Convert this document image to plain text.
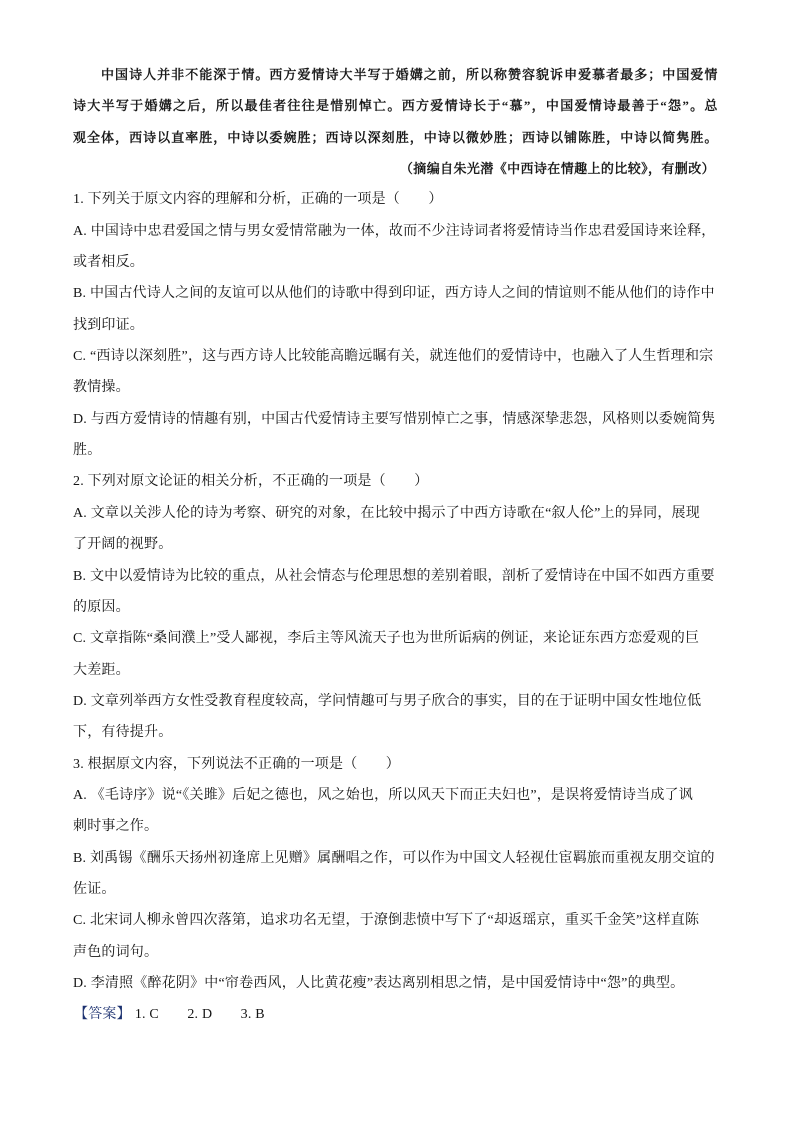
中国诗人并非不能深于情。西方爱情诗大半写于婚媾之前，所以称赞容貌诉申爱慕者最多；中国爱情
诗大半写于婚媾之后，所以最佳者往往是惜别悼亡。西方爱情诗长于“慕”，中国爱情诗最善于“怨”。总
观全体，西诗以直率胜，中诗以委婉胜；西诗以深刻胜，中诗以微妙胜；西诗以铺陈胜，中诗以简隽胜。
（摘编自朱光潜《中西诗在情趣上的比较》，有删改）
1. 下列关于原文内容的理解和分析，正确的一项是（　　）
A. 中国诗中忠君爱国之情与男女爱情常融为一体，故而不少注诗词者将爱情诗当作忠君爱国诗来诠释，
或者相反。
B. 中国古代诗人之间的友谊可以从他们的诗歌中得到印证，西方诗人之间的情谊则不能从他们的诗作中
找到印证。
C. “西诗以深刻胜”，这与西方诗人比较能高瞻远瞩有关，就连他们的爱情诗中，也融入了人生哲理和宗
教情操。
D. 与西方爱情诗的情趣有别，中国古代爱情诗主要写惜别悼亡之事，情感深挚悲怨，风格则以委婉简隽
胜。
2. 下列对原文论证的相关分析，不正确的一项是（　　）
A. 文章以关涉人伦的诗为考察、研究的对象，在比较中揭示了中西方诗歌在“叙人伦”上的异同，展现
了开阔的视野。
B. 文中以爱情诗为比较的重点，从社会情态与伦理思想的差别着眼，剖析了爱情诗在中国不如西方重要
的原因。
C. 文章指陈“桑间濮上”受人鄙视，李后主等风流天子也为世所诟病的例证，来论证东西方恋爱观的巨
大差距。
D. 文章列举西方女性受教育程度较高，学问情趣可与男子欣合的事实，目的在于证明中国女性地位低
下，有待提升。
3. 根据原文内容，下列说法不正确的一项是（　　）
A. 《毛诗序》说“《关雎》后妃之德也，风之始也，所以风天下而正夫妇也”，是误将爱情诗当成了讽
刺时事之作。
B. 刘禹锡《酬乐天扬州初逢席上见赠》属酬唱之作，可以作为中国文人轻视仕宦羁旅而重视友朋交谊的
佐证。
C. 北宋词人柳永曾四次落第，追求功名无望，于潦倒悲愤中写下了“却返瑶京，重买千金笑”这样直陈
声色的词句。
D. 李清照《醉花阴》中“帘卷西风，人比黄花瘦”表达离别相思之情，是中国爱情诗中“怨”的典型。
【答案】 1. C　　2. D　　3. B
